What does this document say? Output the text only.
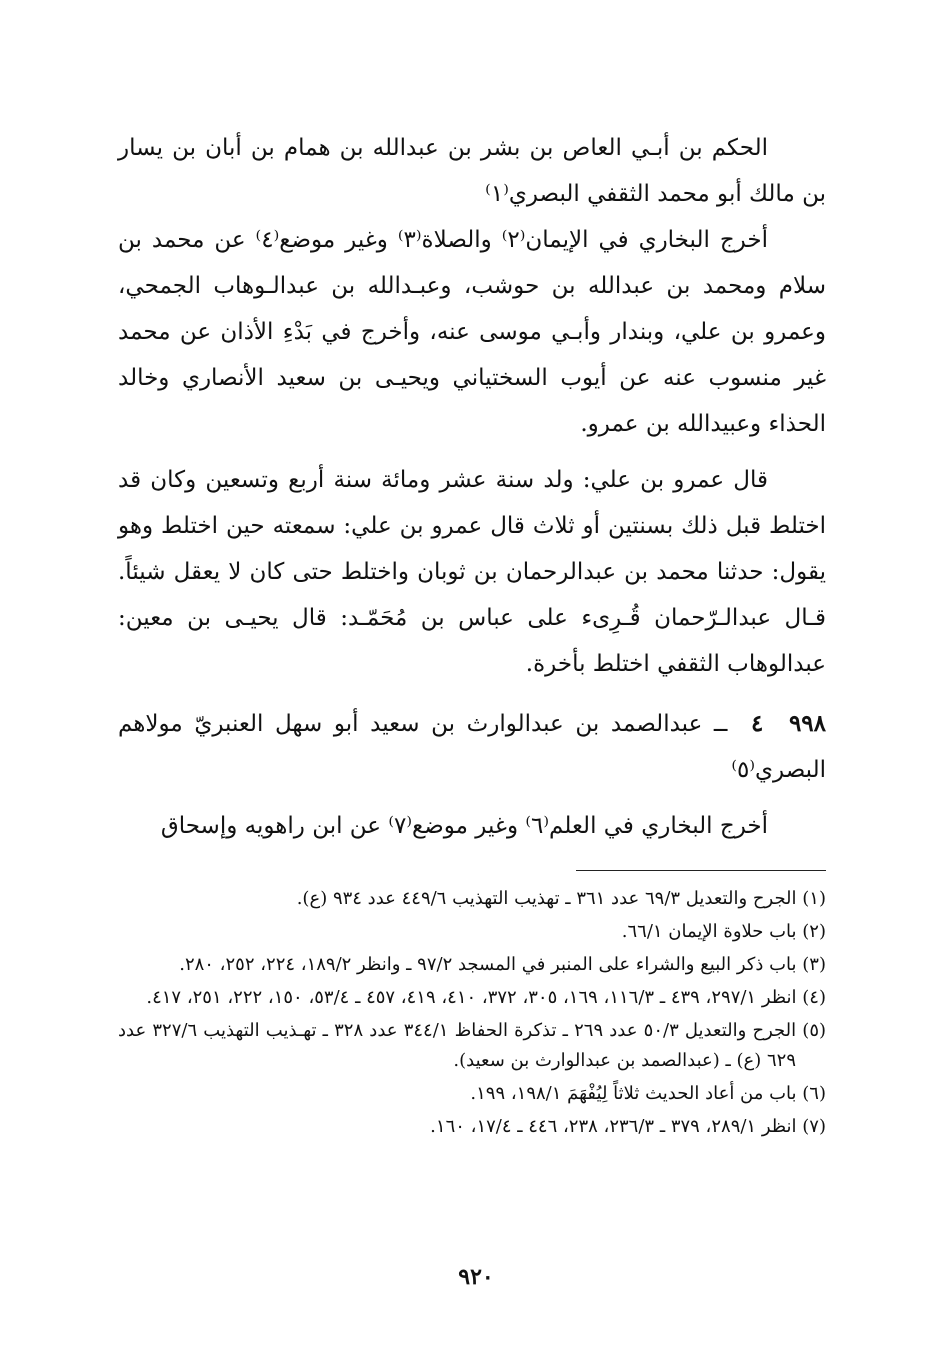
الحكم بن أبـي العاص بن بشر بن عبدالله بن همام بن أبان بن يسار بن مالك أبو محمد الثقفي البصري⁽١⁾

أخرج البخاري في الإيمان⁽٢⁾ والصلاة⁽٣⁾ وغير موضع⁽٤⁾ عن محمد بن سلام ومحمد بن عبدالله بن حوشب، وعبـدالله بن عبدالـوهاب الجمحي، وعمرو بن علي، وبندار وأبـي موسى عنه، وأخرج في بَدْءِ الأذان عن محمد غير منسوب عنه عن أيوب السختياني ويحيـى بن سعيد الأنصاري وخالد الحذاء وعبيدالله بن عمرو.

قال عمرو بن علي: ولد سنة عشر ومائة سنة أربع وتسعين وكان قد اختلط قبل ذلك بسنتين أو ثلاث قال عمرو بن علي: سمعته حين اختلط وهو يقول: حدثنا محمد بن عبدالرحمان بن ثوبان واختلط حتى كان لا يعقل شيئاً. قـال عبدالـرّحمان قُـرِىء على عباس بن مُحَمّـد: قال يحيـى بن معين: عبدالوهاب الثقفي اختلط بأخرة.

٩٩٨ ٤ ــ عبدالصمد بن عبدالوارث بن سعيد أبو سهل العنبريّ مولاهم البصري⁽٥⁾

أخرج البخاري في العلم⁽٦⁾ وغير موضع⁽٧⁾ عن ابن راهويه وإسحاق

(١) الجرح والتعديل ٦٩/٣ عدد ٣٦١ ـ تهذيب التهذيب ٤٤٩/٦ عدد ٩٣٤ (ع).

(٢) باب حلاوة الإيمان ٦٦/١.

(٣) باب ذكر البيع والشراء على المنبر في المسجد ٩٧/٢ ـ وانظر ١٨٩/٢، ٢٢٤، ٢٥٢، ٢٨٠.

(٤) انظر ٢٩٧/١، ٤٣٩ ـ ١١٦/٣، ١٦٩، ٣٠٥، ٣٧٢، ٤١٠، ٤١٩، ٤٥٧ ـ ٥٣/٤، ١٥٠، ٢٢٢، ٢٥١، ٤١٧.

(٥) الجرح والتعديل ٥٠/٣ عدد ٢٦٩ ـ تذكرة الحفاظ ٣٤٤/١ عدد ٣٢٨ ـ تهـذيب التهذيب ٣٢٧/٦ عدد ٦٢٩ (ع) ـ (عبدالصمد بن عبدالوارث بن سعيد).

(٦) باب من أعاد الحديث ثلاثاً لِيُفْهَمَ ١٩٨/١، ١٩٩.

(٧) انظر ٢٨٩/١، ٣٧٩ ـ ٢٣٦/٣، ٢٣٨، ٤٤٦ ـ ١٧/٤، ١٦٠.

٩٢٠
